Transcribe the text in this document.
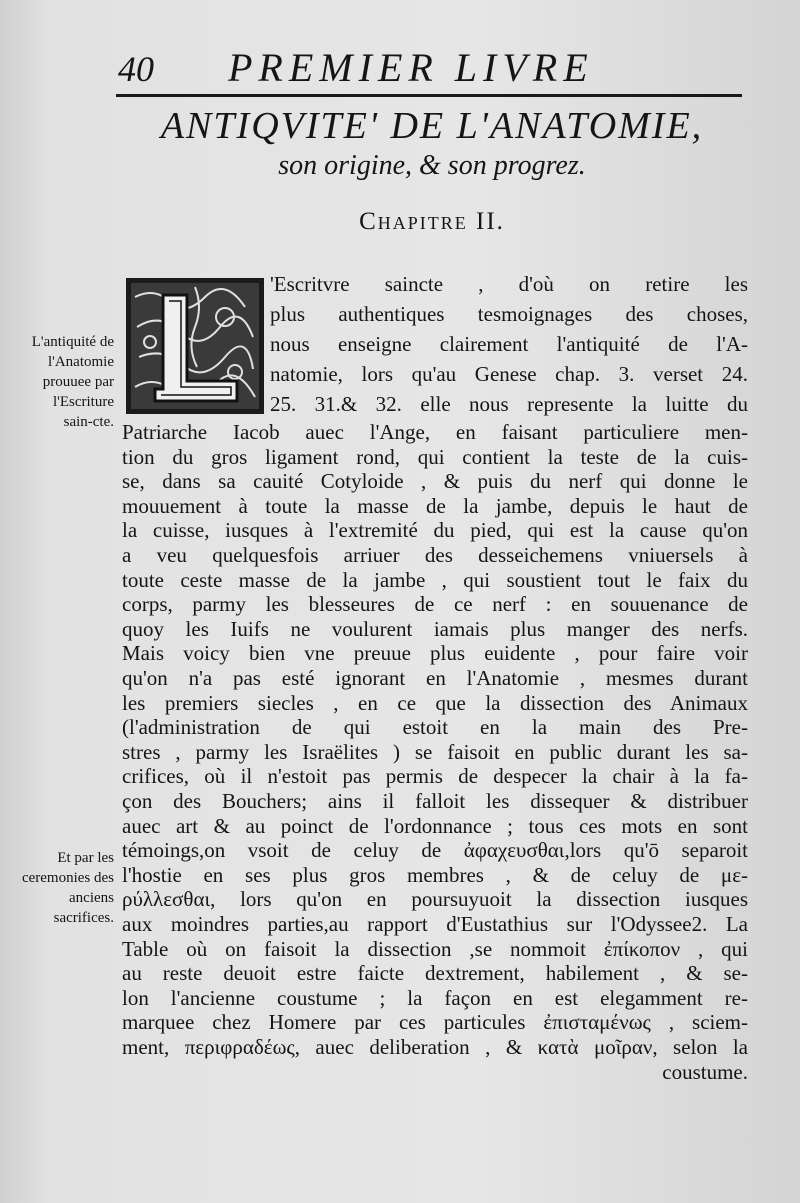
40 PREMIER LIVRE
ANTIQVITE' DE L'ANATOMIE,
son origine, & son progrez.
Chapitre II.
L'antiquité de l'Anatomie prouuee par l'Escriture sain-cte.
Et par les ceremonies des anciens sacrifices.
'Escritvre saincte , d'où on retire les
plus authentiques tesmoignages des choses,
nous enseigne clairement l'antiquité de l'A-
natomie, lors qu'au Genese chap. 3. verset 24.
25. 31.& 32. elle nous represente la luitte du
Patriarche Iacob auec l'Ange, en faisant particuliere men-
tion du gros ligament rond, qui contient la teste de la cuis-
se, dans sa cauité Cotyloide , & puis du nerf qui donne le
mouuement à toute la masse de la jambe, depuis le haut de
la cuisse, iusques à l'extremité du pied, qui est la cause qu'on
a veu quelquesfois arriuer des desseichemens vniuersels à
toute ceste masse de la jambe , qui soustient tout le faix du
corps, parmy les blesseures de ce nerf : en souuenance de
quoy les Iuifs ne voulurent iamais plus manger des nerfs.
Mais voicy bien vne preuue plus euidente , pour faire voir
qu'on n'a pas esté ignorant en l'Anatomie , mesmes durant
les premiers siecles , en ce que la dissection des Animaux
(l'administration de qui estoit en la main des Pre-
stres , parmy les Israëlites ) se faisoit en public durant les sa-
crifices, où il n'estoit pas permis de despecer la chair à la fa-
çon des Bouchers; ains il falloit les dissequer & distribuer
auec art & au poinct de l'ordonnance ; tous ces mots en sont
témoings,on vsoit de celuy de ἀφαχευσθαι,lors qu'ō separoit
l'hostie en ses plus gros membres , & de celuy de με-
ρύλλεσθαι, lors qu'on en poursuyuoit la dissection iusques
aux moindres parties,au rapport d'Eustathius sur l'Odyssee2. La
Table où on faisoit la dissection ,se nommoit ἐπίκοπον , qui
au reste deuoit estre faicte dextrement, habilement , & se-
lon l'ancienne coustume ; la façon en est elegamment re-
marquee chez Homere par ces particules ἐπισταμένως , sciem-
ment, περιφραδέως, auec deliberation , & κατὰ μοῖραν, selon la
coustume.
